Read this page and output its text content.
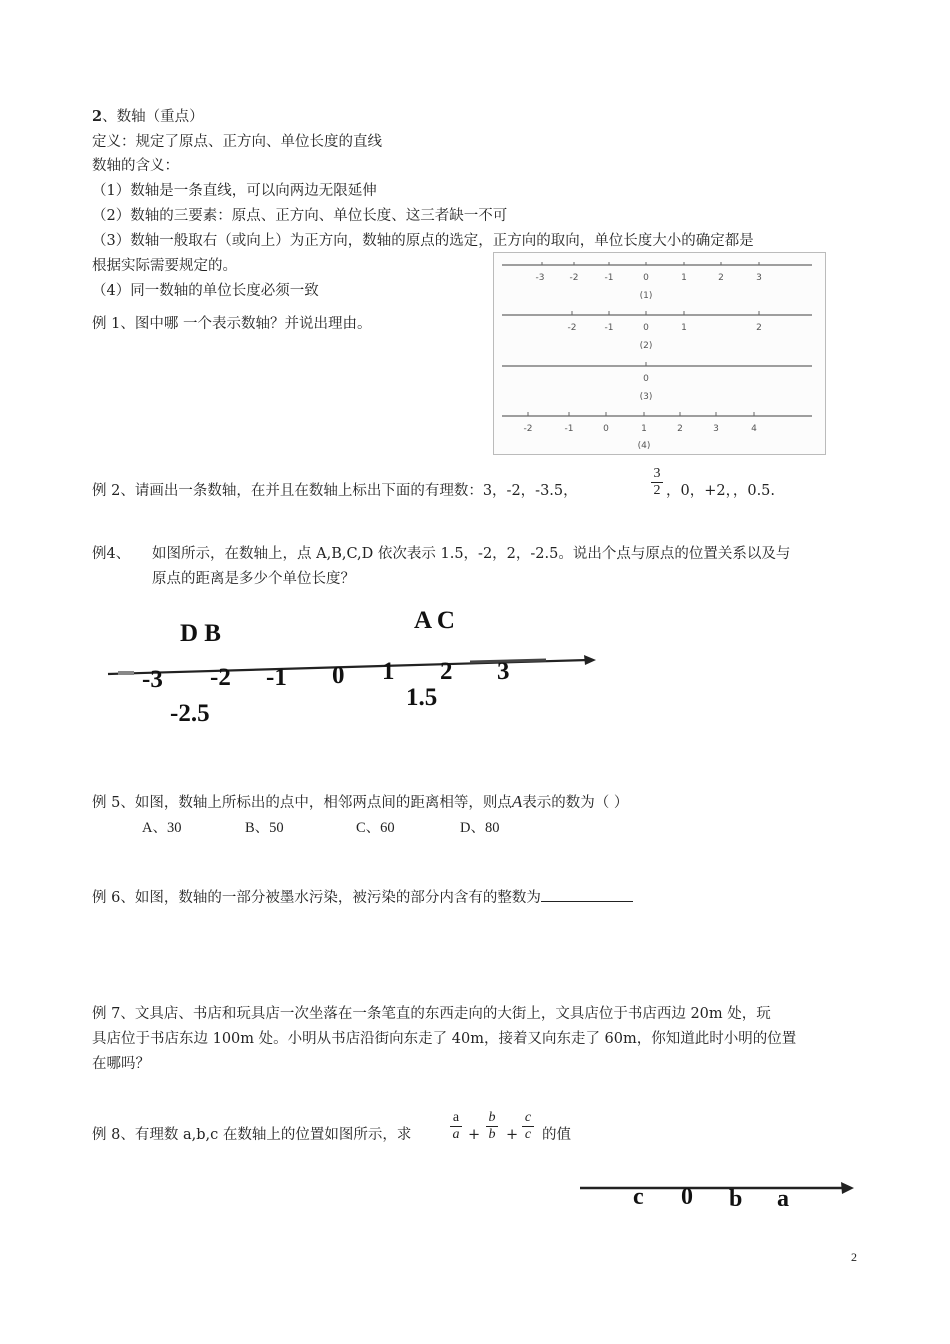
2、数轴（重点）
定义：规定了原点、正方向、单位长度的直线
数轴的含义：
（1）数轴是一条直线，可以向两边无限延伸
（2）数轴的三要素：原点、正方向、单位长度、这三者缺一不可
（3）数轴一般取右（或向上）为正方向，数轴的原点的选定，正方向的取向，单位长度大小的确定都是
根据实际需要规定的。
（4）同一数轴的单位长度必须一致
例 1、图中哪 一个表示数轴？并说出理由。
-3	-2	-1	0	1	2	3
(1)
-2	-1	0	1	2
(2)
0
(3)
-2	-1	0	1	2	3	4
(4)
例 2、请画出一条数轴，在并且在数轴上标出下面的有理数：3，-2，-3.5，
3
2 ，0，+2，，0.5.
例4、 如图所示，在数轴上，点 A,B,C,D 依次表示 1.5，-2，2，-2.5。说出个点与原点的位置关系以及与
原点的距离是多少个单位长度？
D B	A C
-3 -2 -1 0 1 2 3
-2.5
1.5
例 5、如图，数轴上所标出的点中，相邻两点间的距离相等，则点A表示的数为（ ）
A、30	B、50	C、60	D、80
例 6、如图，数轴的一部分被墨水污染，被污染的部分内含有的整数为
例 7、文具店、书店和玩具店一次坐落在一条笔直的东西走向的大街上，文具店位于书店西边 20m 处，玩
具店位于书店东边 100m 处。小明从书店沿街向东走了 40m，接着又向东走了 60m，你知道此时小明的位置
在哪吗？
例 8、有理数 a,b,c 在数轴上的位置如图所示，求
a
a +
b
b +
c
c 的值
c 0 b a
2
